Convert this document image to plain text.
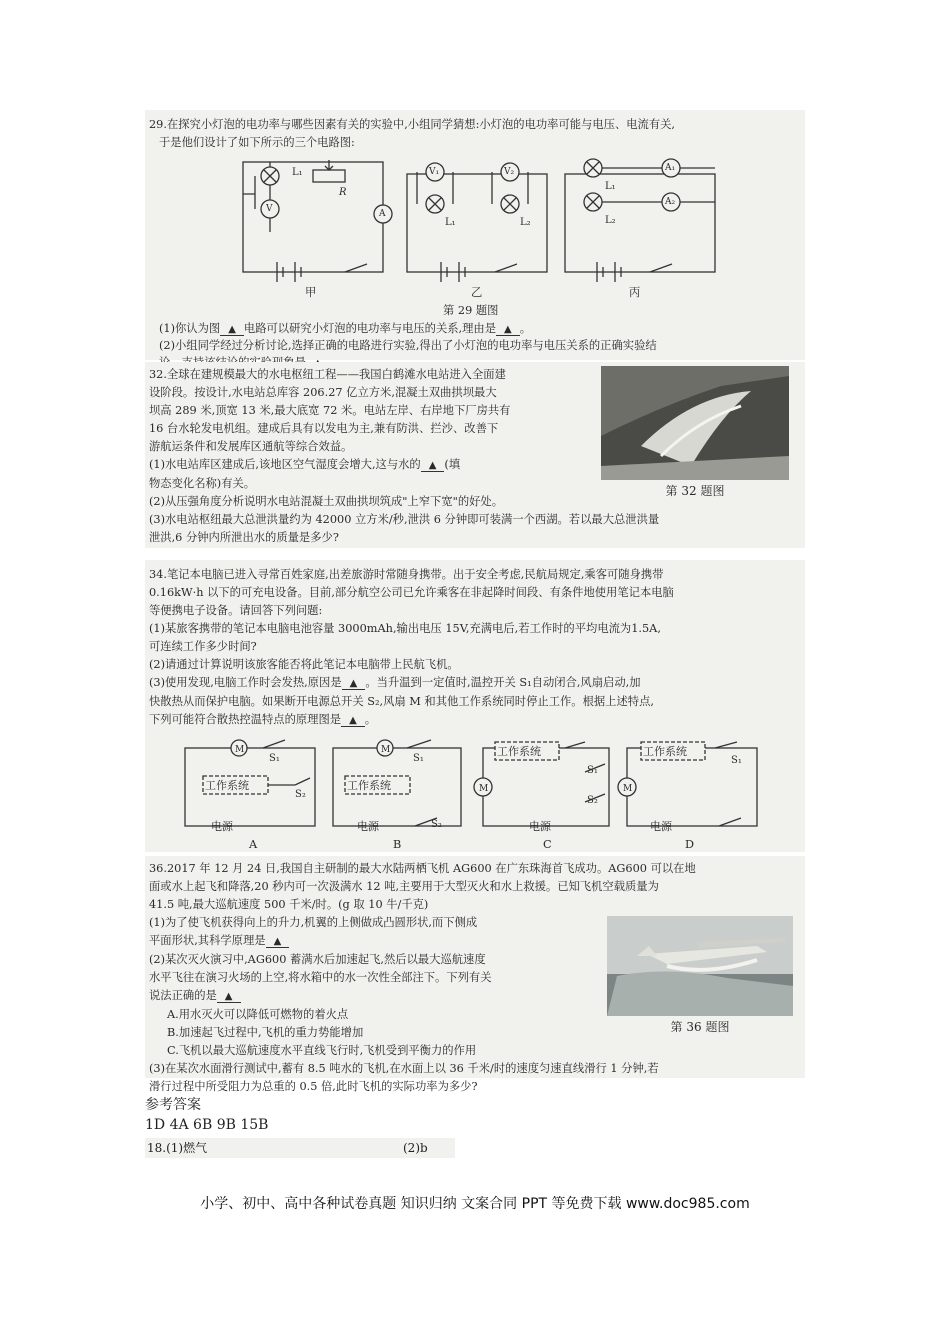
29.在探究小灯泡的电功率与哪些因素有关的实验中,小组同学猜想:小灯泡的电功率可能与电压、电流有关,

于是他们设计了如下所示的三个电路图:

L₁
R
V	A
V₁	V₂
L₁	L₂
L₁
L₂
A₁
A₂
甲	乙	丙
第 29 题图

(1)你认为图 ▲ 电路可以研究小灯泡的电功率与电压的关系,理由是 ▲ 。

(2)小组同学经过分析讨论,选择正确的电路进行实验,得出了小灯泡的电功率与电压关系的正确实验结

32.全球在建规模最大的水电枢纽工程——我国白鹤滩水电站进入全面建

设阶段。按设计,水电站总库容 206.27 亿立方米,混凝土双曲拱坝最大

坝高 289 米,顶宽 13 米,最大底宽 72 米。电站左岸、右岸地下厂房共有

16 台水轮发电机组。建成后具有以发电为主,兼有防洪、拦沙、改善下

游航运条件和发展库区通航等综合效益。

(1)水电站库区建成后,该地区空气湿度会增大,这与水的 ▲ (填

物态变化名称)有关。

第 32 题图

(2)从压强角度分析说明水电站混凝土双曲拱坝筑成"上窄下宽"的好处。

(3)水电站枢纽最大总泄洪量约为 42000 立方米/秒,泄洪 6 分钟即可装满一个西湖。若以最大总泄洪量

泄洪,6 分钟内所泄出水的质量是多少?

34.笔记本电脑已进入寻常百姓家庭,出差旅游时常随身携带。出于安全考虑,民航局规定,乘客可随身携带

0.16kW·h 以下的可充电设备。目前,部分航空公司已允许乘客在非起降时间段、有条件地使用笔记本电脑

等便携电子设备。请回答下列问题:

(1)某旅客携带的笔记本电脑电池容量 3000mAh,输出电压 15V,充满电后,若工作时的平均电流为1.5A,

可连续工作多少时间?

(2)请通过计算说明该旅客能否将此笔记本电脑带上民航飞机。

(3)使用发现,电脑工作时会发热,原因是 ▲ 。当升温到一定值时,温控开关 S₁自动闭合,风扇启动,加

快散热从而保护电脑。如果断开电源总开关 S₂,风扇 M 和其他工作系统同时停止工作。根据上述特点,

下列可能符合散热控温特点的原理图是 ▲ 。

M	M
M	M
工作系统	工作系统
工作系统	工作系统
S₁
S₂
S₁
S₂
S₁
S₂
S₁
电源	电源	电源	电源
A	B	C	D

36.2017 年 12 月 24 日,我国自主研制的最大水陆两栖飞机 AG600 在广东珠海首飞成功。AG600 可以在地

面或水上起飞和降落,20 秒内可一次汲满水 12 吨,主要用于大型灭火和水上救援。已知飞机空载质量为

41.5 吨,最大巡航速度 500 千米/时。(g 取 10 牛/千克)

(1)为了使飞机获得向上的升力,机翼的上侧做成凸圆形状,而下侧成

平面形状,其科学原理是 ▲

(2)某次灭火演习中,AG600 蓄满水后加速起飞,然后以最大巡航速度

水平飞往在演习火场的上空,将水箱中的水一次性全部注下。下列有关

说法正确的是 ▲

A.用水灭火可以降低可燃物的着火点

B.加速起飞过程中,飞机的重力势能增加

C.飞机以最大巡航速度水平直线飞行时,飞机受到平衡力的作用

(3)在某次水面滑行测试中,蓄有 8.5 吨水的飞机,在水面上以 36 千米/时的速度匀速直线滑行 1 分钟,若

滑行过程中所受阻力为总重的 0.5 倍,此时飞机的实际功率为多少?

第 36 题图
参考答案
1D 4A 6B 9B 15B
18.(1)燃气	(2)b
小学、初中、高中各种试卷真题 知识归纳 文案合同 PPT 等免费下载 www.doc985.com
